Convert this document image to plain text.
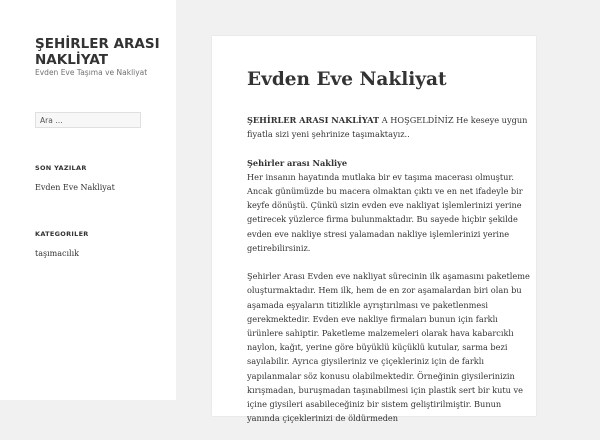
ŞEHİRLER ARASI NAKLİYAT
Evden Eve Taşıma ve Nakliyat
Ara …
SON YAZILAR
Evden Eve Nakliyat
KATEGORILER
taşımacılık
Evden Eve Nakliyat

ŞEHİRLER ARASI NAKLİYAT A HOŞGELDİNİZ He keseye uygun fiyatla sizi yeni şehrinize taşımaktayız..

Şehirler arası Nakliye
Her insanın hayatında mutlaka bir ev taşıma macerası olmuştur. Ancak günümüzde bu macera olmaktan çıktı ve en net ifadeyle bir keyfe dönüştü. Çünkü sizin evden eve nakliyat işlemlerinizi yerine getirecek yüzlerce firma bulunmaktadır. Bu sayede hiçbir şekilde evden eve nakliye stresi yalamadan nakliye işlemlerinizi yerine getirebilirsiniz.

Şehirler Arası Evden eve nakliyat sürecinin ilk aşamasını paketleme oluşturmaktadır. Hem ilk, hem de en zor aşamalardan biri olan bu aşamada eşyaların titizlikle ayrıştırılması ve paketlenmesi gerekmektedir. Evden eve nakliye firmaları bunun için farklı ürünlere sahiptir. Paketleme malzemeleri olarak hava kabarcıklı naylon, kağıt, yerine göre büyüklü küçüklü kutular, sarma bezi sayılabilir. Ayrıca giysileriniz ve çiçekleriniz için de farklı yapılanmalar söz konusu olabilmektedir. Örneğinin giysilerinizin kırışmadan, buruşmadan taşınabilmesi için plastik sert bir kutu ve içine giysileri asabileceğiniz bir sistem geliştirilmiştir. Bunun yanında çiçeklerinizi de öldürmeden
